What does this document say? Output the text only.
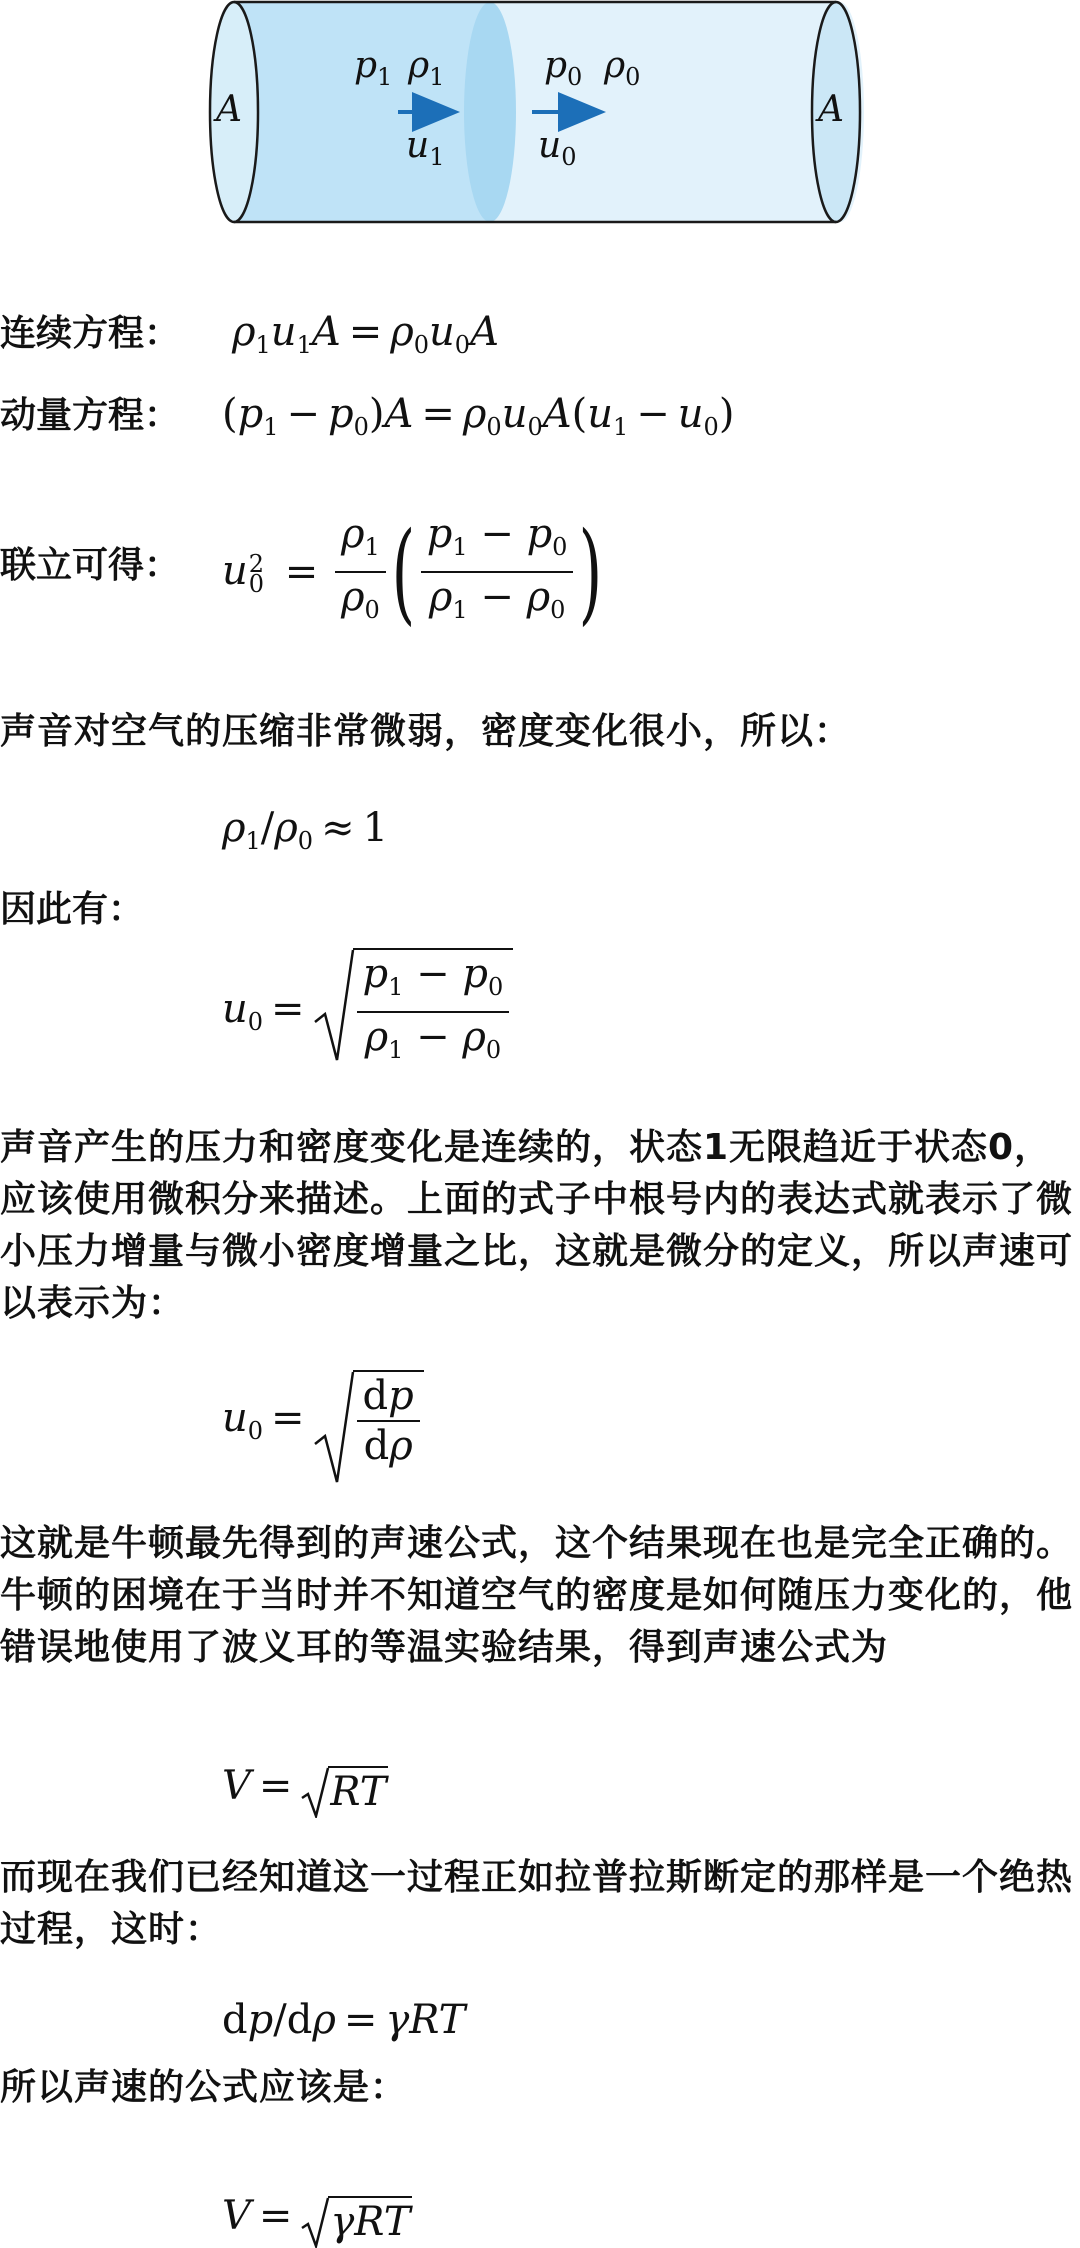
A	A
$p_1$ $\rho_1$
$u_1$
$p_0$ $\rho_0$
$u_0$
连续方程： $\rho_1u_1A = \rho_0u_0A$
动量方程： $(p_1 - p_0)A = \rho_0u_0A(u_1 - u_0)$
联立可得： u 2
$0 = \frac{\rho_1}{\rho_0}$ ( $\frac{p_1 - p_0}{\rho_1 - \rho_0}$ )
声音对空气的压缩非常微弱，密度变化很小，所以：
$\rho_1/\rho_0 \approx 1$
因此有：
$u_0 = \frac{p_1 - p_0}{\rho_1 - \rho_0}$
声音产生的压力和密度变化是连续的，状态1无限趋近于状态0，应该使用微积分来描述。上面的式子中根号内的表达式就表示了微小压力增量与微小密度增量之比，这就是微分的定义，所以声速可以表示为：
$u_0 = \frac{dp}{d\rho}$
这就是牛顿最先得到的声速公式，这个结果现在也是完全正确的。牛顿的困境在于当时并不知道空气的密度是如何随压力变化的，他错误地使用了波义耳的等温实验结果，得到声速公式为
V = 
RT
而现在我们已经知道这一过程正如拉普拉斯断定的那样是一个绝热过程，这时：
dp/dρ = γRT
所以声速的公式应该是：
V = 
γRT
